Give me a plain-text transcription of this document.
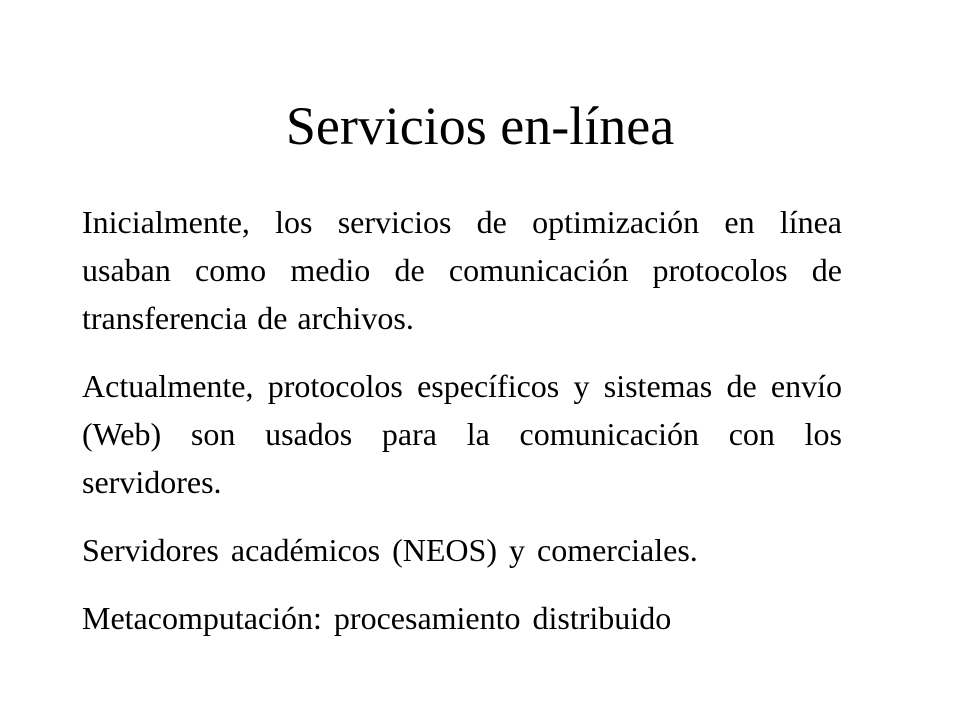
Servicios en-línea

Inicialmente, los servicios de optimización en línea usaban como medio de comunicación protocolos de transferencia de archivos.

Actualmente, protocolos específicos y sistemas de envío (Web) son usados para la comunicación con los servidores.

Servidores académicos (NEOS) y comerciales.

Metacomputación: procesamiento distribuido
